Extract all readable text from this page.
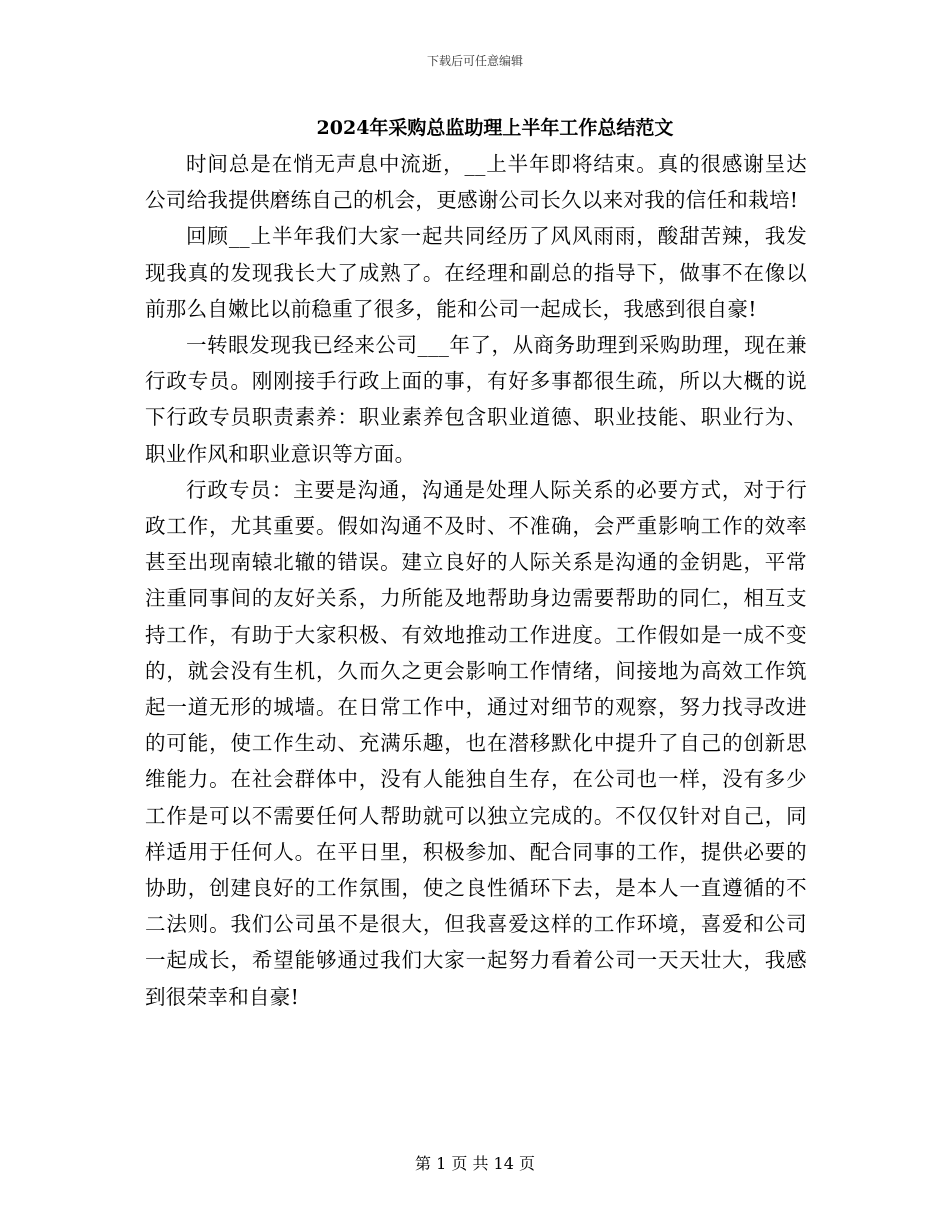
下载后可任意编辑
2024年采购总监助理上半年工作总结范文

时间总是在悄无声息中流逝，__上半年即将结束。真的很感谢呈达公司给我提供磨练自己的机会，更感谢公司长久以来对我的信任和栽培!

回顾__上半年我们大家一起共同经历了风风雨雨，酸甜苦辣，我发现我真的发现我长大了成熟了。在经理和副总的指导下，做事不在像以前那么自嫩比以前稳重了很多，能和公司一起成长，我感到很自豪!

一转眼发现我已经来公司___年了，从商务助理到采购助理，现在兼行政专员。刚刚接手行政上面的事，有好多事都很生疏，所以大概的说下行政专员职责素养：职业素养包含职业道德、职业技能、职业行为、职业作风和职业意识等方面。

行政专员：主要是沟通，沟通是处理人际关系的必要方式，对于行政工作，尤其重要。假如沟通不及时、不准确，会严重影响工作的效率甚至出现南辕北辙的错误。建立良好的人际关系是沟通的金钥匙，平常注重同事间的友好关系，力所能及地帮助身边需要帮助的同仁，相互支持工作，有助于大家积极、有效地推动工作进度。工作假如是一成不变的，就会没有生机，久而久之更会影响工作情绪，间接地为高效工作筑起一道无形的城墙。在日常工作中，通过对细节的观察，努力找寻改进的可能，使工作生动、充满乐趣，也在潜移默化中提升了自己的创新思维能力。在社会群体中，没有人能独自生存，在公司也一样，没有多少工作是可以不需要任何人帮助就可以独立完成的。不仅仅针对自己，同样适用于任何人。在平日里，积极参加、配合同事的工作，提供必要的协助，创建良好的工作氛围，使之良性循环下去，是本人一直遵循的不二法则。我们公司虽不是很大，但我喜爱这样的工作环境，喜爱和公司一起成长，希望能够通过我们大家一起努力看着公司一天天壮大，我感到很荣幸和自豪!

第 1 页 共 14 页
